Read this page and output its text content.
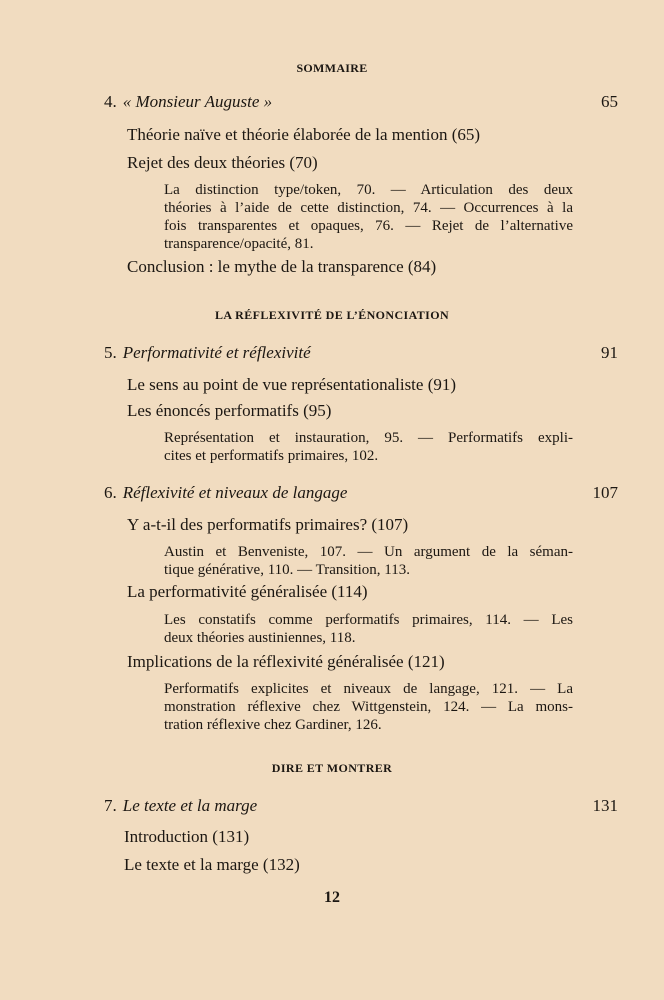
SOMMAIRE
4. « Monsieur Auguste »	65
Théorie naïve et théorie élaborée de la mention (65)
Rejet des deux théories (70)
La distinction type/token, 70. — Articulation des deux
théories à l’aide de cette distinction, 74. — Occurrences à la
fois transparentes et opaques, 76. — Rejet de l’alternative
transparence/opacité, 81.
Conclusion : le mythe de la transparence (84)
LA RÉFLEXIVITÉ DE L’ÉNONCIATION
5. Performativité et réflexivité	91
Le sens au point de vue représentationaliste (91)
Les énoncés performatifs (95)
Représentation et instauration, 95. — Performatifs expli-
cites et performatifs primaires, 102.
6. Réflexivité et niveaux de langage	107
Y a-t-il des performatifs primaires? (107)
Austin et Benveniste, 107. — Un argument de la séman-
tique générative, 110. — Transition, 113.
La performativité généralisée (114)
Les constatifs comme performatifs primaires, 114. — Les
deux théories austiniennes, 118.
Implications de la réflexivité généralisée (121)
Performatifs explicites et niveaux de langage, 121. — La
monstration réflexive chez Wittgenstein, 124. — La mons-
tration réflexive chez Gardiner, 126.
DIRE ET MONTRER
7. Le texte et la marge	131
Introduction (131)
Le texte et la marge (132)
12
